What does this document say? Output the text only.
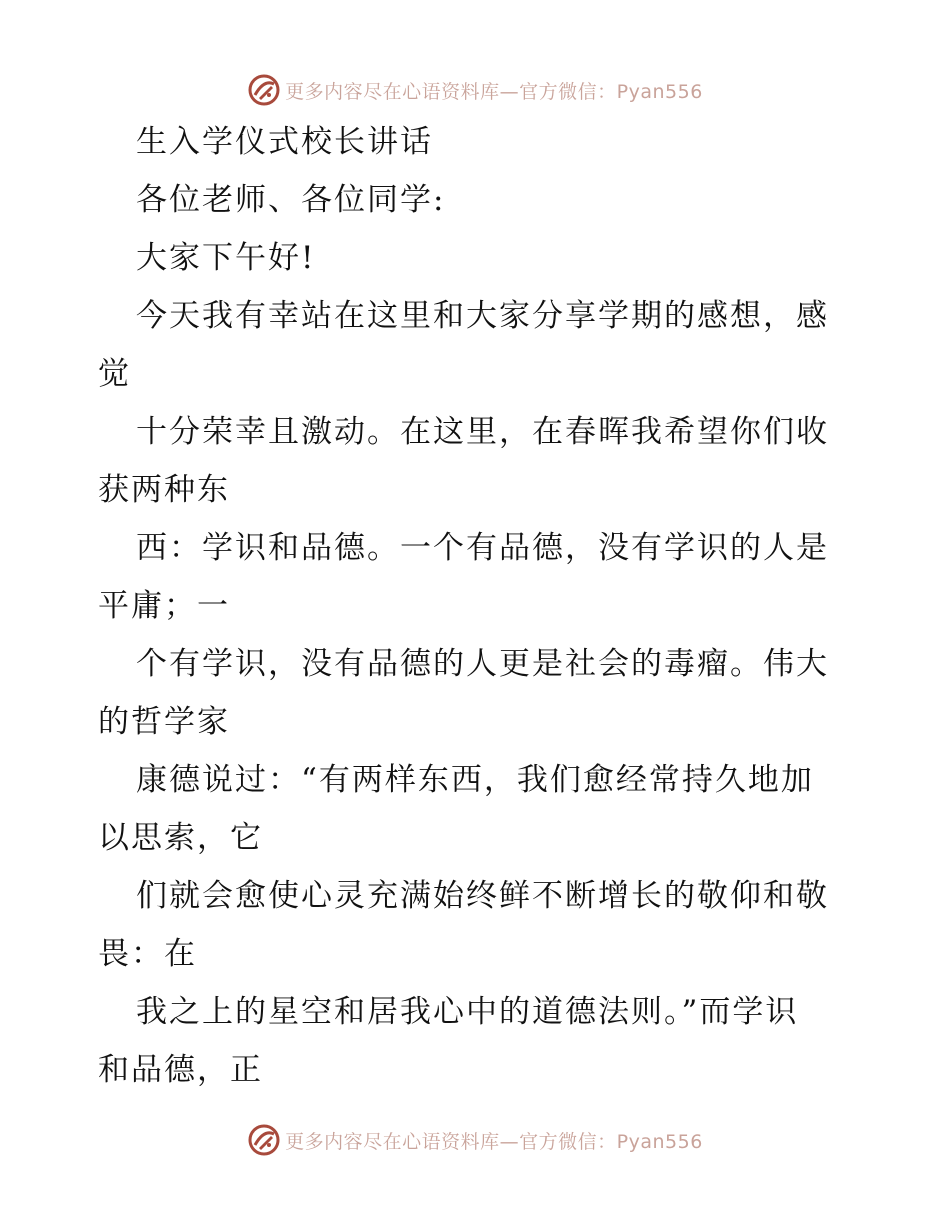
更多内容尽在心语资料库—官方微信：Pyan556
生入学仪式校长讲话
各位老师、各位同学:
大家下午好!
今天我有幸站在这里和大家分享学期的感想，感
觉
十分荣幸且激动。在这里，在春晖我希望你们收
获两种东
西：学识和品德。一个有品德，没有学识的人是
平庸；一
个有学识，没有品德的人更是社会的毒瘤。伟大
的哲学家
康德说过：“有两样东西，我们愈经常持久地加
以思索，它
们就会愈使心灵充满始终鲜不断增长的敬仰和敬
畏：在
我之上的星空和居我心中的道德法则。”而学识
和品德，正
更多内容尽在心语资料库—官方微信：Pyan556
